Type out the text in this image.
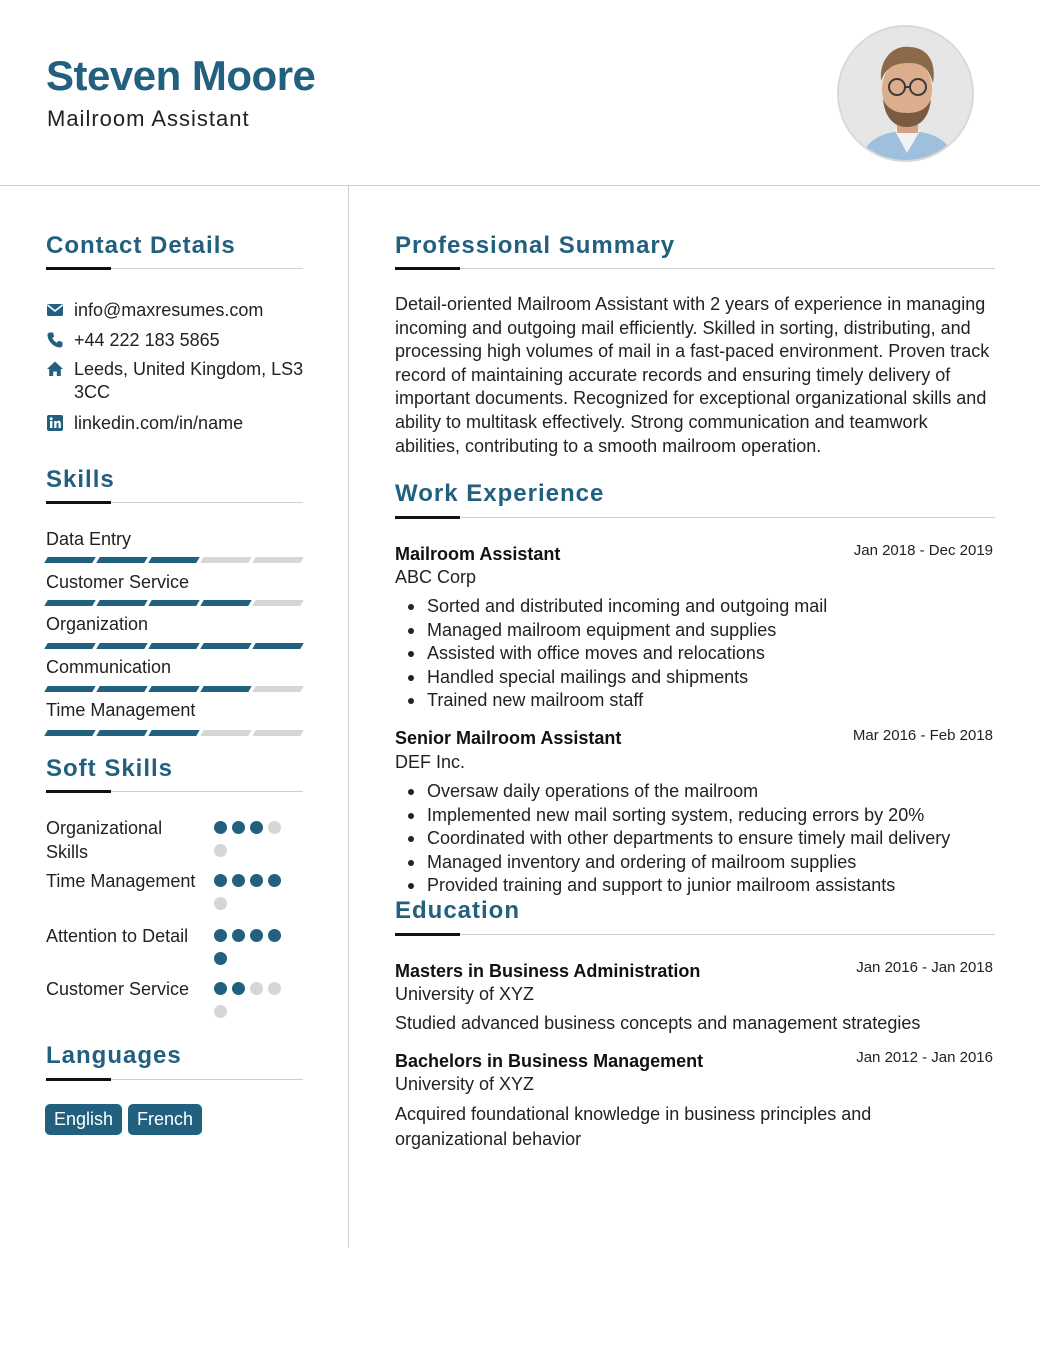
Steven Moore
Mailroom Assistant
Contact Details
info@maxresumes.com
+44 222 183 5865
Leeds, United Kingdom, LS3 3CC
linkedin.com/in/name
Skills
Data Entry
Customer Service
Organization
Communication
Time Management
Soft Skills
Organizational Skills
Time Management
Attention to Detail
Customer Service
Languages
English	French
Professional Summary
Detail-oriented Mailroom Assistant with 2 years of experience in managing incoming and outgoing mail efficiently. Skilled in sorting, distributing, and processing high volumes of mail in a fast-paced environment. Proven track record of maintaining accurate records and ensuring timely delivery of important documents. Recognized for exceptional organizational skills and ability to multitask effectively. Strong communication and teamwork abilities, contributing to a smooth mailroom operation.
Work Experience
Mailroom Assistant	Jan 2018 - Dec 2019
ABC Corp
Sorted and distributed incoming and outgoing mail
Managed mailroom equipment and supplies
Assisted with office moves and relocations
Handled special mailings and shipments
Trained new mailroom staff
Senior Mailroom Assistant	Mar 2016 - Feb 2018
DEF Inc.
Oversaw daily operations of the mailroom
Implemented new mail sorting system, reducing errors by 20%
Coordinated with other departments to ensure timely mail delivery
Managed inventory and ordering of mailroom supplies
Provided training and support to junior mailroom assistants
Education
Masters in Business Administration	Jan 2016 - Jan 2018
University of XYZ
Studied advanced business concepts and management strategies
Bachelors in Business Management	Jan 2012 - Jan 2016
University of XYZ
Acquired foundational knowledge in business principles and organizational behavior
